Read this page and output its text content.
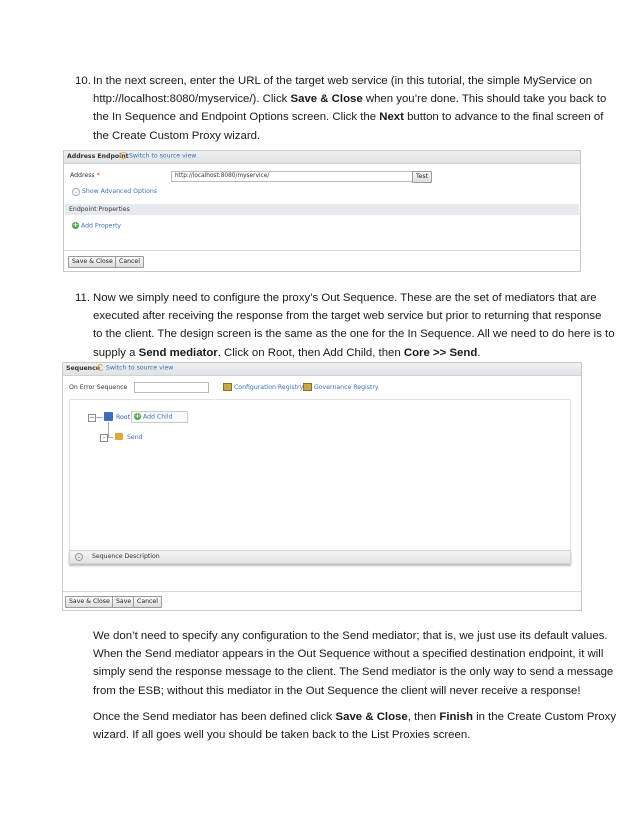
10. In the next screen, enter the URL of the target web service (in this tutorial, the simple MyService on
http://localhost:8080/myservice/). Click Save & Close when you’re done. This should take you back to
the In Sequence and Endpoint Options screen. Click the Next button to advance to the final screen of
the Create Custom Proxy wizard.
Address Endpoint Switch to source view
Address *	http://localhost:8080/myservice/	Test
⌄ Show Advanced Options
Endpoint Properties
+ Add Property
Save & Close Cancel
11. Now we simply need to configure the proxy’s Out Sequence. These are the set of mediators that are
executed after receiving the response from the target web service but prior to returning that response
to the client. The design screen is the same as the one for the In Sequence. All we need to do here is to
supply a Send mediator. Click on Root, then Add Child, then Core >> Send.
Sequence Switch to source view
On Error Sequence	Configuration Registry	Governance Registry
−	Root + Add Child
›	Send
⌄	Sequence Description
Save & Close Save Cancel
We don’t need to specify any configuration to the Send mediator; that is, we just use its default values.
When the Send mediator appears in the Out Sequence without a specified destination endpoint, it will
simply send the response message to the client. The Send mediator is the only way to send a message
from the ESB; without this mediator in the Out Sequence the client will never receive a response!
Once the Send mediator has been defined click Save & Close, then Finish in the Create Custom Proxy
wizard. If all goes well you should be taken back to the List Proxies screen.
